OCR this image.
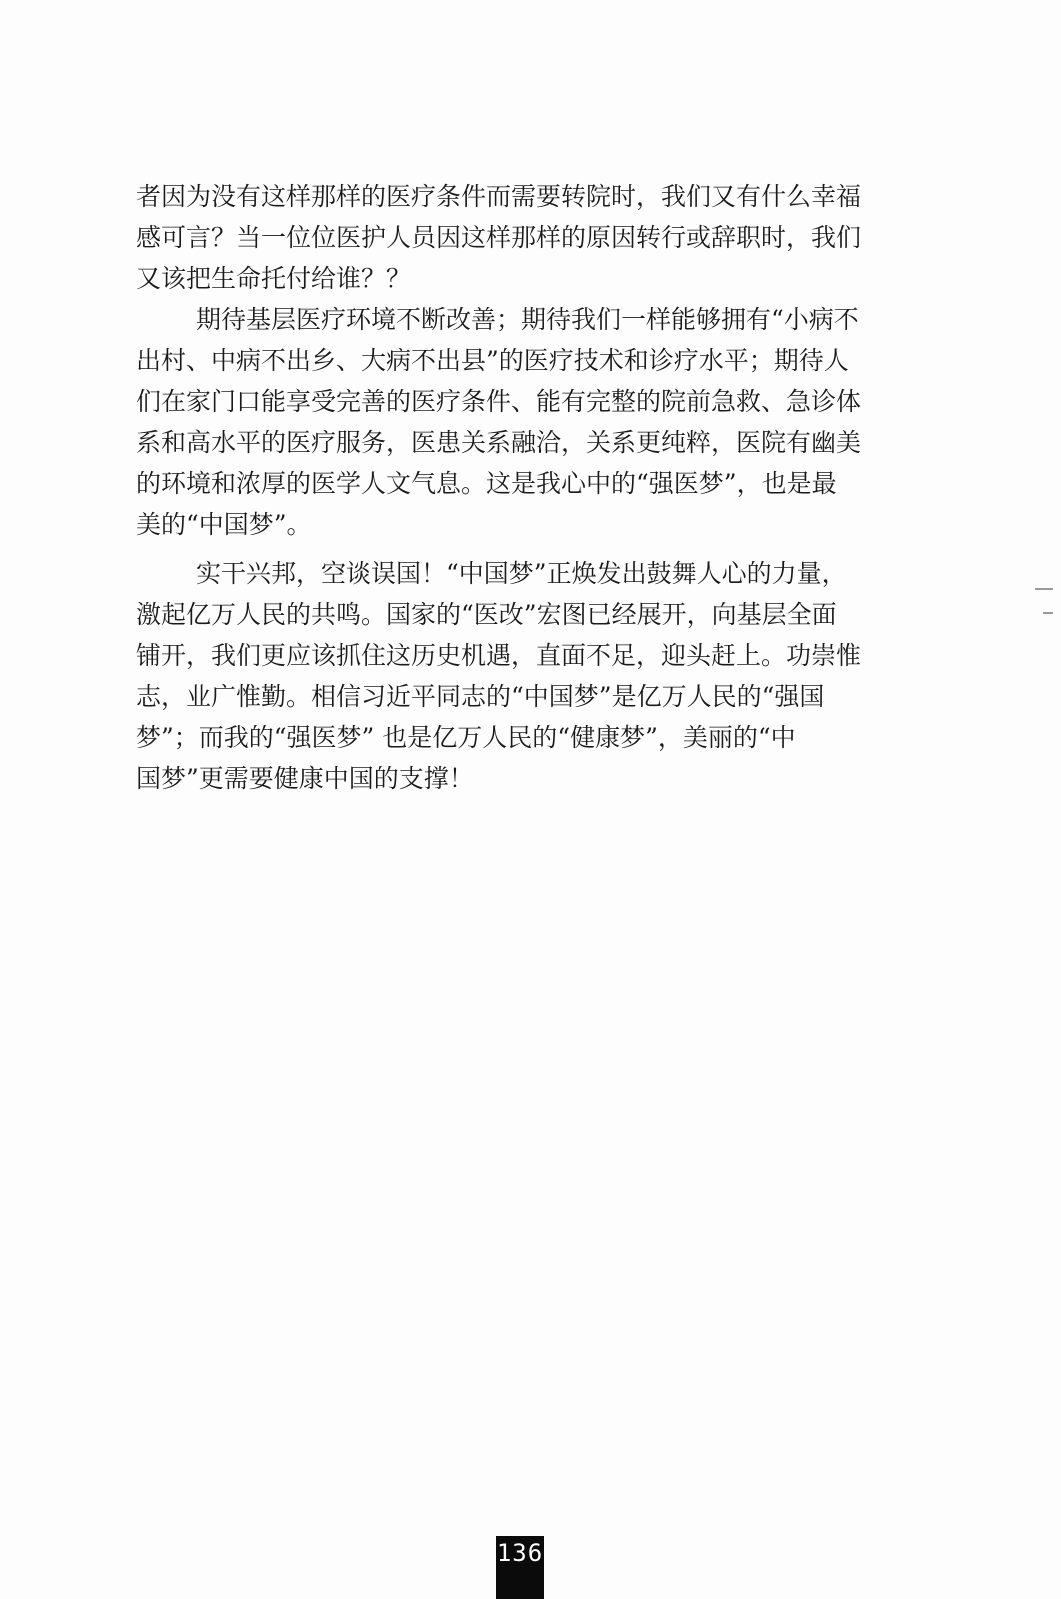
者因为没有这样那样的医疗条件而需要转院时，我们又有什么幸福
感可言？当一位位医护人员因这样那样的原因转行或辞职时，我们
又该把生命托付给谁？？
期待基层医疗环境不断改善；期待我们一样能够拥有“小病不
出村、中病不出乡、大病不出县”的医疗技术和诊疗水平；期待人
们在家门口能享受完善的医疗条件、能有完整的院前急救、急诊体
系和高水平的医疗服务，医患关系融洽，关系更纯粹，医院有幽美
的环境和浓厚的医学人文气息。这是我心中的“强医梦”，也是最
美的“中国梦”。
实干兴邦，空谈误国！“中国梦”正焕发出鼓舞人心的力量，
激起亿万人民的共鸣。国家的“医改”宏图已经展开，向基层全面
铺开，我们更应该抓住这历史机遇，直面不足，迎头赶上。功崇惟
志，业广惟勤。相信习近平同志的“中国梦”是亿万人民的“强国
梦”；而我的“强医梦” 也是亿万人民的“健康梦”，美丽的“中
国梦”更需要健康中国的支撑！
136
